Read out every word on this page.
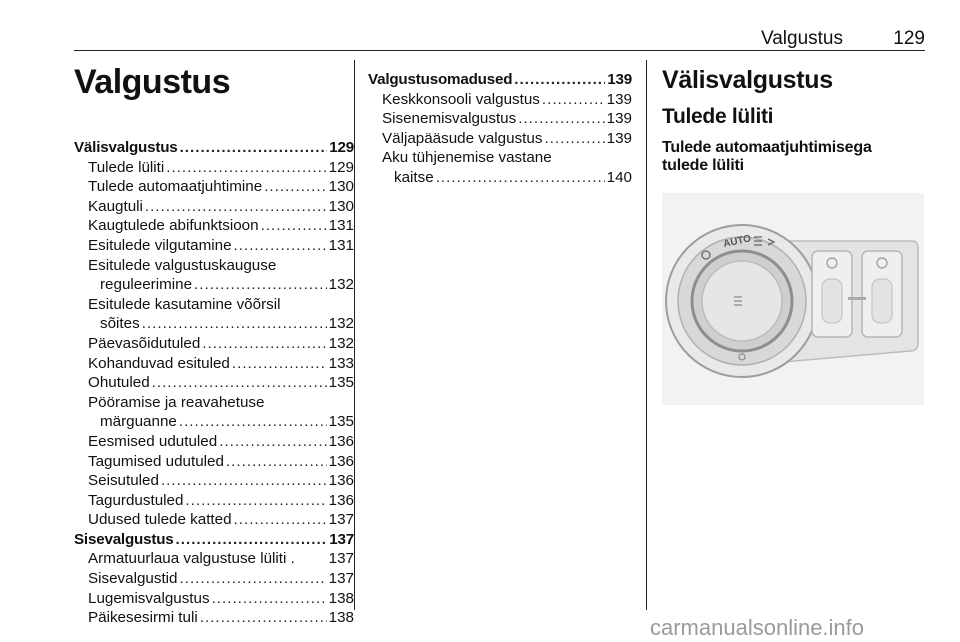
Valgustus	129
Valgustus
Välisvalgustus .....	129
Tulede lüliti .....	129
Tulede automaatjuhtimine .....	130
Kaugtuli .....	130
Kaugtulede abifunktsioon .....	131
Esitulede vilgutamine .....	131
Esitulede valgustuskauguse
reguleerimine .....	132
Esitulede kasutamine võõrsil
sõites .....	132
Päevasõidutuled .....	132
Kohanduvad esituled .....	133
Ohutuled .....	135
Pööramise ja reavahetuse
märguanne .....	135
Eesmised udutuled .....	136
Tagumised udutuled .....	136
Seisutuled .....	136
Tagurdustuled .....	136
Udused tulede katted .....	137
Sisevalgustus .....	137
Armatuurlaua valgustuse lüliti . 137
Sisevalgustid .....	137
Lugemisvalgustus .....	138
Päikesesirmi tuli .....	138
Valgustusomadused .....	139
Keskkonsooli valgustus .....	139
Sisenemisvalgustus .....	139
Väljapääsude valgustus .....	139
Aku tühjenemise vastane
kaitse .....	140
Välisvalgustus
Tulede lüliti
Tulede automaatjuhtimisega tulede lüliti
AUTO
carmanualsonline.info
